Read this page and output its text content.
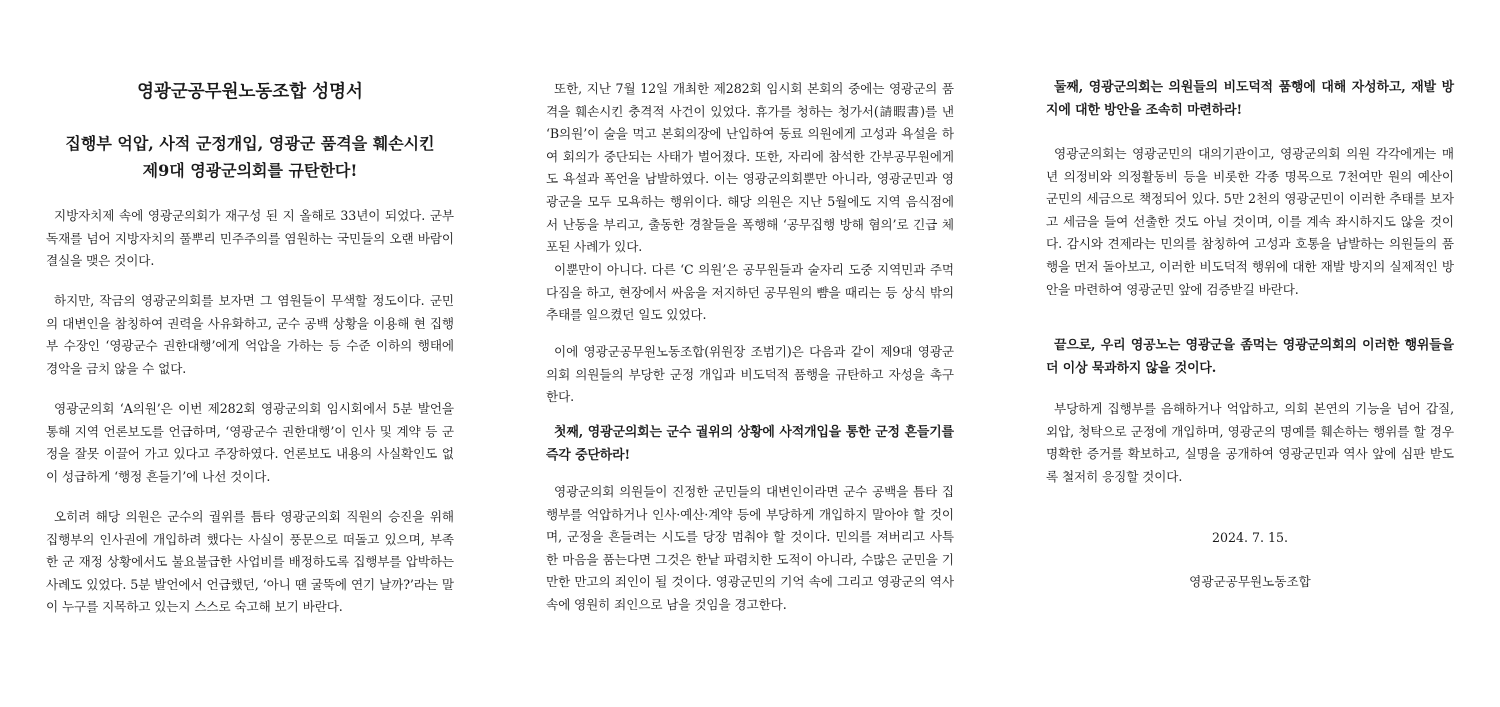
영광군공무원노동조합 성명서
집행부 억압, 사적 군정개입, 영광군 품격을 훼손시킨
제9대 영광군의회를 규탄한다!
지방자치제 속에 영광군의회가 재구성 된 지 올해로 33년이 되었다. 군부독재를 넘어 지방자치의 풀뿌리 민주주의를 염원하는 국민들의 오랜 바람이 결실을 맺은 것이다.
하지만, 작금의 영광군의회를 보자면 그 염원들이 무색할 정도이다. 군민의 대변인을 참칭하여 권력을 사유화하고, 군수 공백 상황을 이용해 현 집행부 수장인 ‘영광군수 권한대행’에게 억압을 가하는 등 수준 이하의 행태에 경악을 금치 않을 수 없다.
영광군의회 ‘A의원’은 이번 제282회 영광군의회 임시회에서 5분 발언을 통해 지역 언론보도를 언급하며, ‘영광군수 권한대행’이 인사 및 계약 등 군정을 잘못 이끌어 가고 있다고 주장하였다. 언론보도 내용의 사실확인도 없이 성급하게 ‘행정 흔들기’에 나선 것이다.
오히려 해당 의원은 군수의 궐위를 틈타 영광군의회 직원의 승진을 위해 집행부의 인사권에 개입하려 했다는 사실이 풍문으로 떠돌고 있으며, 부족한 군 재정 상황에서도 불요불급한 사업비를 배정하도록 집행부를 압박하는 사례도 있었다. 5분 발언에서 언급했던, ‘아니 땐 굴뚝에 연기 날까?’라는 말이 누구를 지목하고 있는지 스스로 숙고해 보기 바란다.
또한, 지난 7월 12일 개최한 제282회 임시회 본회의 중에는 영광군의 품격을 훼손시킨 충격적 사건이 있었다. 휴가를 청하는 청가서(請暇書)를 낸 ‘B의원’이 술을 먹고 본회의장에 난입하여 동료 의원에게 고성과 욕설을 하여 회의가 중단되는 사태가 벌어졌다. 또한, 자리에 참석한 간부공무원에게도 욕설과 폭언을 남발하였다. 이는 영광군의회뿐만 아니라, 영광군민과 영광군을 모두 모욕하는 행위이다. 해당 의원은 지난 5월에도 지역 음식점에서 난동을 부리고, 출동한 경찰들을 폭행해 ‘공무집행 방해 혐의’로 긴급 체포된 사례가 있다.
이뿐만이 아니다. 다른 ‘C 의원’은 공무원들과 술자리 도중 지역민과 주먹다짐을 하고, 현장에서 싸움을 저지하던 공무원의 뺨을 때리는 등 상식 밖의 추태를 일으켰던 일도 있었다.
이에 영광군공무원노동조합(위원장 조범기)은 다음과 같이 제9대 영광군의회 의원들의 부당한 군정 개입과 비도덕적 품행을 규탄하고 자성을 촉구한다.
첫째, 영광군의회는 군수 궐위의 상황에 사적개입을 통한 군정 흔들기를 즉각 중단하라!
영광군의회 의원들이 진정한 군민들의 대변인이라면 군수 공백을 틈타 집행부를 억압하거나 인사·예산·계약 등에 부당하게 개입하지 말아야 할 것이며, 군정을 흔들려는 시도를 당장 멈춰야 할 것이다. 민의를 져버리고 사특한 마음을 품는다면 그것은 한낱 파렴치한 도적이 아니라, 수많은 군민을 기만한 만고의 죄인이 될 것이다. 영광군민의 기억 속에 그리고 영광군의 역사 속에 영원히 죄인으로 남을 것임을 경고한다.
둘째, 영광군의회는 의원들의 비도덕적 품행에 대해 자성하고, 재발 방지에 대한 방안을 조속히 마련하라!
영광군의회는 영광군민의 대의기관이고, 영광군의회 의원 각각에게는 매년 의정비와 의정활동비 등을 비롯한 각종 명목으로 7천여만 원의 예산이 군민의 세금으로 책정되어 있다. 5만 2천의 영광군민이 이러한 추태를 보자고 세금을 들여 선출한 것도 아닐 것이며, 이를 계속 좌시하지도 않을 것이다. 감시와 견제라는 민의를 참칭하여 고성과 호통을 남발하는 의원들의 품행을 먼저 돌아보고, 이러한 비도덕적 행위에 대한 재발 방지의 실제적인 방안을 마련하여 영광군민 앞에 검증받길 바란다.
끝으로, 우리 영공노는 영광군을 좀먹는 영광군의회의 이러한 행위들을 더 이상 묵과하지 않을 것이다.
부당하게 집행부를 음해하거나 억압하고, 의회 본연의 기능을 넘어 갑질, 외압, 청탁으로 군정에 개입하며, 영광군의 명예를 훼손하는 행위를 할 경우 명확한 증거를 확보하고, 실명을 공개하여 영광군민과 역사 앞에 심판 받도록 철저히 응징할 것이다.
2024. 7. 15.
영광군공무원노동조합
